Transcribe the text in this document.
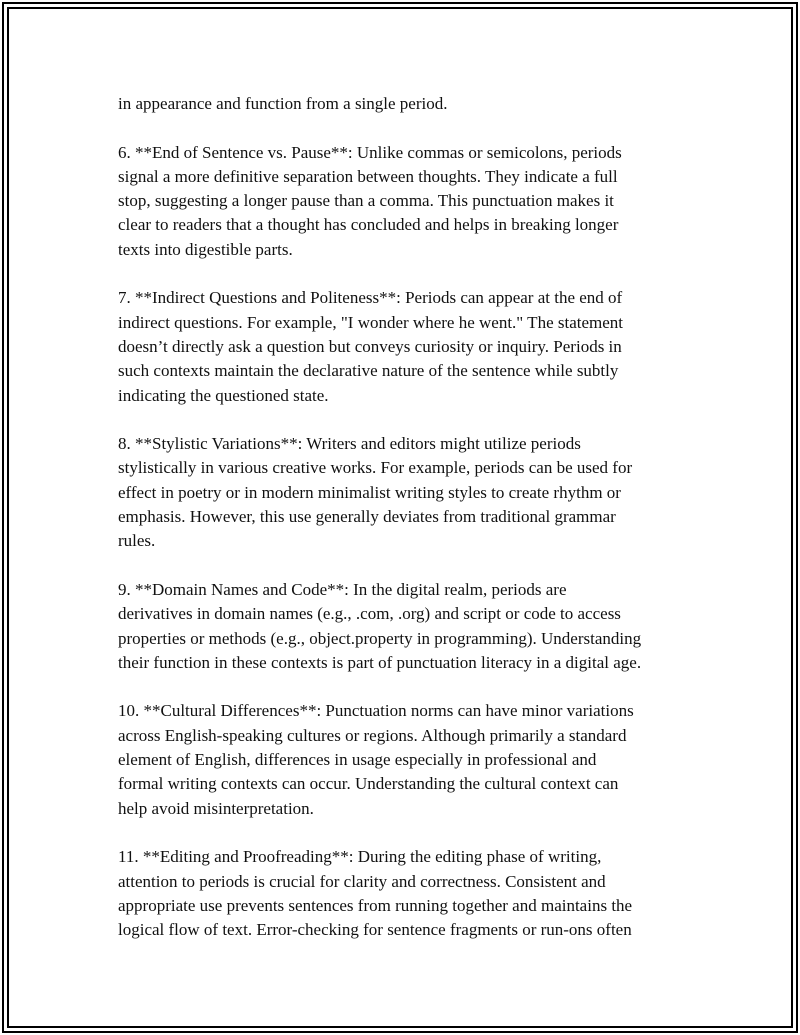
in appearance and function from a single period.

6. **End of Sentence vs. Pause**: Unlike commas or semicolons, periods
signal a more definitive separation between thoughts. They indicate a full
stop, suggesting a longer pause than a comma. This punctuation makes it
clear to readers that a thought has concluded and helps in breaking longer
texts into digestible parts.

7. **Indirect Questions and Politeness**: Periods can appear at the end of
indirect questions. For example, "I wonder where he went." The statement
doesn’t directly ask a question but conveys curiosity or inquiry. Periods in
such contexts maintain the declarative nature of the sentence while subtly
indicating the questioned state.

8. **Stylistic Variations**: Writers and editors might utilize periods
stylistically in various creative works. For example, periods can be used for
effect in poetry or in modern minimalist writing styles to create rhythm or
emphasis. However, this use generally deviates from traditional grammar
rules.

9. **Domain Names and Code**: In the digital realm, periods are
derivatives in domain names (e.g., .com, .org) and script or code to access
properties or methods (e.g., object.property in programming). Understanding
their function in these contexts is part of punctuation literacy in a digital age.

10. **Cultural Differences**: Punctuation norms can have minor variations
across English-speaking cultures or regions. Although primarily a standard
element of English, differences in usage especially in professional and
formal writing contexts can occur. Understanding the cultural context can
help avoid misinterpretation.

11. **Editing and Proofreading**: During the editing phase of writing,
attention to periods is crucial for clarity and correctness. Consistent and
appropriate use prevents sentences from running together and maintains the
logical flow of text. Error-checking for sentence fragments or run-ons often
